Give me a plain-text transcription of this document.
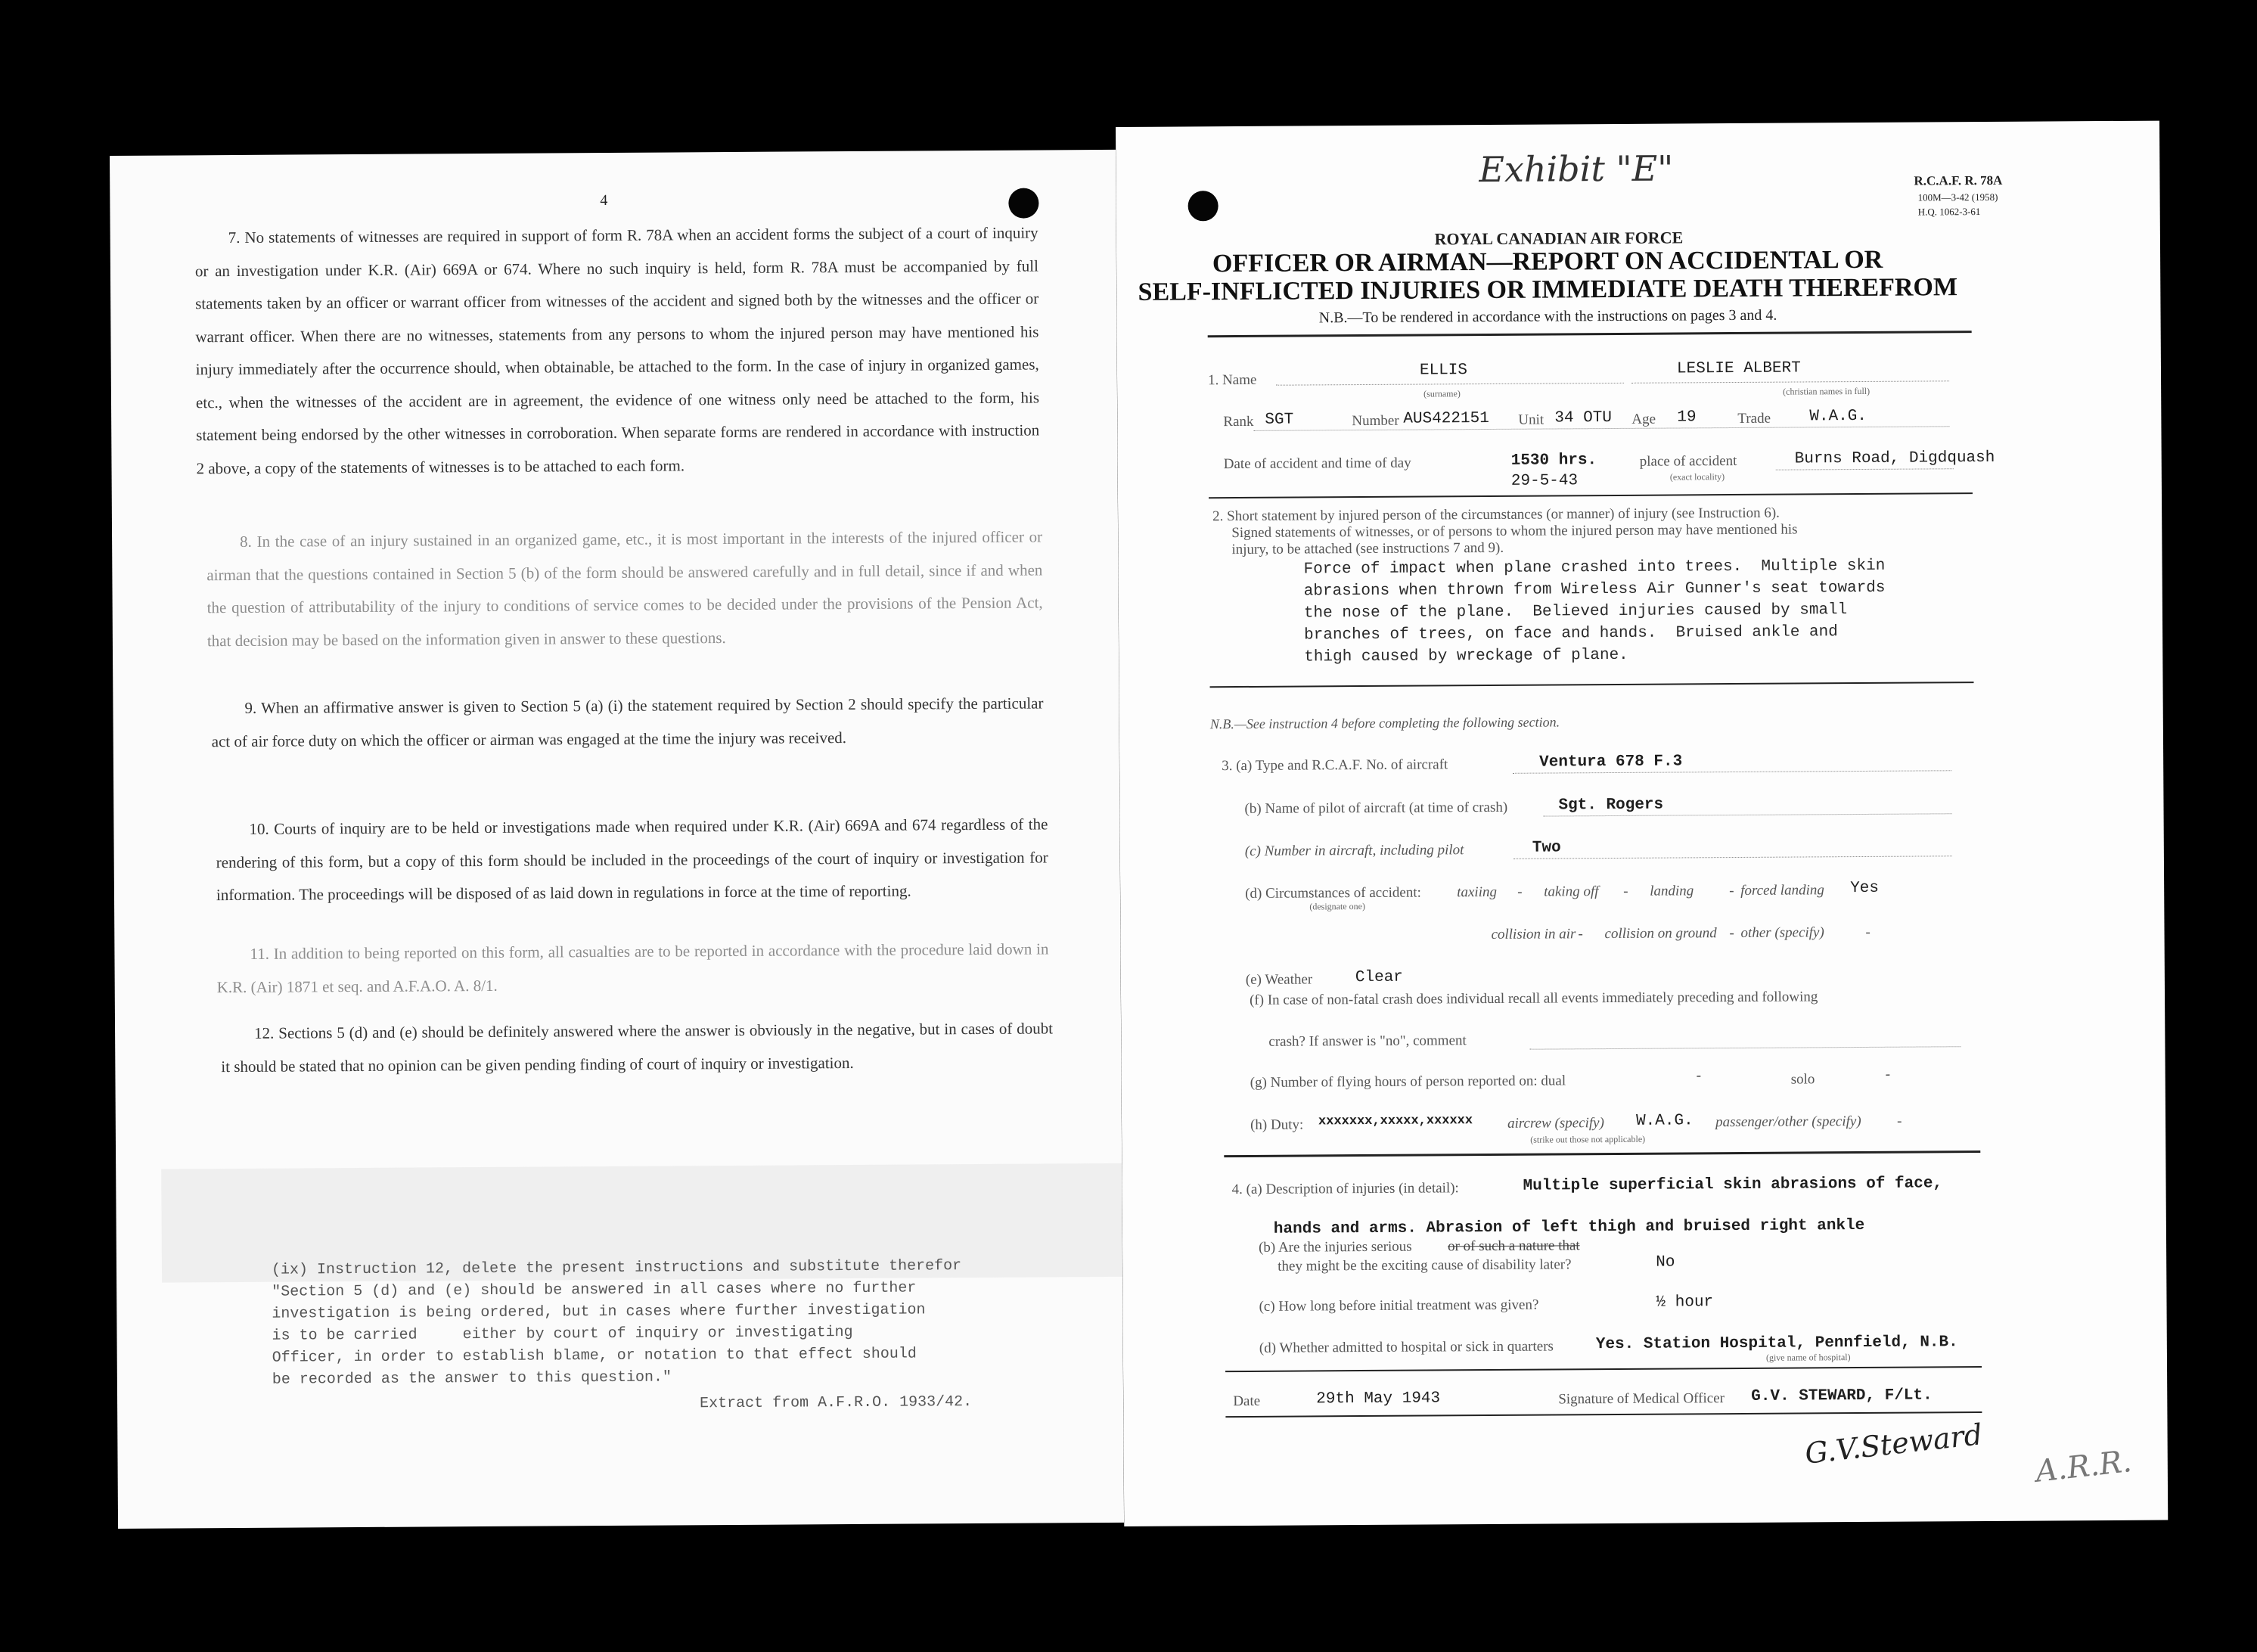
4
7. No statements of witnesses are required in support of form R. 78A when an accident forms the subject of a court of inquiry or an investigation under K.R. (Air) 669A or 674. Where no such inquiry is held, form R. 78A must be accompanied by full statements taken by an officer or warrant officer from witnesses of the accident and signed both by the witnesses and the officer or warrant officer. When there are no witnesses, statements from any persons to whom the injured person may have mentioned his injury immediately after the occurrence should, when obtainable, be attached to the form. In the case of injury in organized games, etc., when the witnesses of the accident are in agreement, the evidence of one witness only need be attached to the form, his statement being endorsed by the other witnesses in corroboration. When separate forms are rendered in accordance with instruction 2 above, a copy of the statements of witnesses is to be attached to each form.
8. In the case of an injury sustained in an organized game, etc., it is most important in the interests of the injured officer or airman that the questions contained in Section 5 (b) of the form should be answered carefully and in full detail, since if and when the question of attributability of the injury to conditions of service comes to be decided under the provisions of the Pension Act, that decision may be based on the information given in answer to these questions.
9. When an affirmative answer is given to Section 5 (a) (i) the statement required by Section 2 should specify the particular act of air force duty on which the officer or airman was engaged at the time the injury was received.
10. Courts of inquiry are to be held or investigations made when required under K.R. (Air) 669A and 674 regardless of the rendering of this form, but a copy of this form should be included in the proceedings of the court of inquiry or investigation for information. The proceedings will be disposed of as laid down in regulations in force at the time of reporting.
11. In addition to being reported on this form, all casualties are to be reported in accordance with the procedure laid down in K.R. (Air) 1871 et seq. and A.F.A.O. A. 8/1.
12. Sections 5 (d) and (e) should be definitely answered where the answer is obviously in the negative, but in cases of doubt it should be stated that no opinion can be given pending finding of court of inquiry or investigation.
(ix) Instruction 12, delete the present instructions and substitute therefor
"Section 5 (d) and (e) should be answered in all cases where no further
investigation is being ordered, but in cases where further investigation
is to be carried     either by court of inquiry or investigating
Officer, in order to establish blame, or notation to that effect should
be recorded as the answer to this question."
Extract from A.F.R.O. 1933/42.
Exhibit "E"	R.C.A.F. R. 78A
100M—3-42 (1958)
H.Q. 1062-3-61
ROYAL CANADIAN AIR FORCE
OFFICER OR AIRMAN—REPORT ON ACCIDENTAL OR
SELF-INFLICTED INJURIES OR IMMEDIATE DEATH THEREFROM
N.B.—To be rendered in accordance with the instructions on pages 3 and 4.
1. Name
ELLIS
(surname)
LESLIE ALBERT
(christian names in full)
Rank SGT	Number AUS422151 Unit 34 OTU Age 19	Trade W.A.G.
Date of accident and time of day	1530 hrs.
29-5-43
place of accident
(exact locality)
Burns Road, Digdquash
2. Short statement by injured person of the circumstances (or manner) of injury (see Instruction 6).
Signed statements of witnesses, or of persons to whom the injured person may have mentioned his
injury, to be attached (see instructions 7 and 9).
Force of impact when plane crashed into trees.  Multiple skin
abrasions when thrown from Wireless Air Gunner's seat towards
the nose of the plane.  Believed injuries caused by small
branches of trees, on face and hands.  Bruised ankle and
thigh caused by wreckage of plane.
N.B.—See instruction 4 before completing the following section.
3. (a) Type and R.C.A.F. No. of aircraft	Ventura 678 F.3
(b) Name of pilot of aircraft (at time of crash)	Sgt. Rogers
(c) Number in aircraft, including pilot	Two
(d) Circumstances of accident:
(designate one)
taxiing - taking off - landing - forced landing Yes
collision in air - collision on ground - other (specify)	-
(e) Weather	Clear
(f) In case of non-fatal crash does individual recall all events immediately preceding and following
crash? If answer is "no", comment
(g) Number of flying hours of person reported on: dual	-	solo	-
(h) Duty: xxxxxxx,xxxxx,xxxxxx aircrew (specify) W.A.G. passenger/other (specify) -
(strike out those not applicable)
4. (a) Description of injuries (in detail):	Multiple superficial skin abrasions of face,
hands and arms. Abrasion of left thigh and bruised right ankle
(b) Are the injuries serious or of such a nature that
they might be the exciting cause of disability later?	No
(c) How long before initial treatment was given?	½ hour
(d) Whether admitted to hospital or sick in quarters	Yes. Station Hospital, Pennfield, N.B.
(give name of hospital)
Date	29th May 1943	Signature of Medical Officer G.V. STEWARD, F/Lt.
G.V.Steward A.R.R.
